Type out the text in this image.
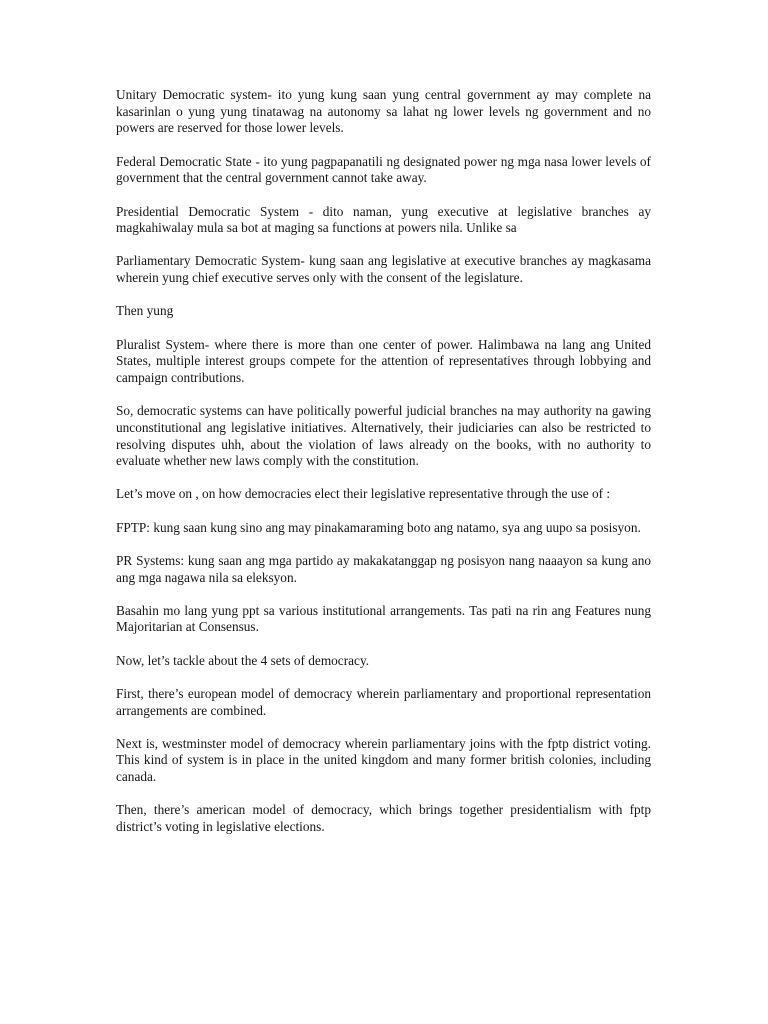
Unitary Democratic system- ito yung kung saan yung central government ay may complete na kasarinlan o yung yung tinatawag na autonomy sa lahat ng lower levels ng government and no powers are reserved for those lower levels.

Federal Democratic State - ito yung pagpapanatili ng designated power ng mga nasa lower levels of government that the central government cannot take away.

Presidential Democratic System - dito naman, yung executive at legislative branches ay magkahiwalay mula sa bot at maging sa functions at powers nila. Unlike sa

Parliamentary Democratic System- kung saan ang legislative at executive branches ay magkasama wherein yung chief executive serves only with the consent of the legislature.

Then yung

Pluralist System- where there is more than one center of power. Halimbawa na lang ang United States, multiple interest groups compete for the attention of representatives through lobbying and campaign contributions.

So, democratic systems can have politically powerful judicial branches na may authority na gawing unconstitutional ang legislative initiatives. Alternatively, their judiciaries can also be restricted to resolving disputes uhh, about the violation of laws already on the books, with no authority to evaluate whether new laws comply with the constitution.

Let’s move on , on how democracies elect their legislative representative through the use of :

FPTP: kung saan kung sino ang may pinakamaraming boto ang natamo, sya ang uupo sa posisyon.

PR Systems: kung saan ang mga partido ay makakatanggap ng posisyon nang naaayon sa kung ano ang mga nagawa nila sa eleksyon.

Basahin mo lang yung ppt sa various institutional arrangements. Tas pati na rin ang Features nung Majoritarian at Consensus.

Now, let’s tackle about the 4 sets of democracy.

First, there’s european model of democracy wherein parliamentary and proportional representation arrangements are combined.

Next is, westminster model of democracy wherein parliamentary joins with the fptp district voting. This kind of system is in place in the united kingdom and many former british colonies, including canada.

Then, there’s american model of democracy, which brings together presidentialism with fptp district’s voting in legislative elections.
